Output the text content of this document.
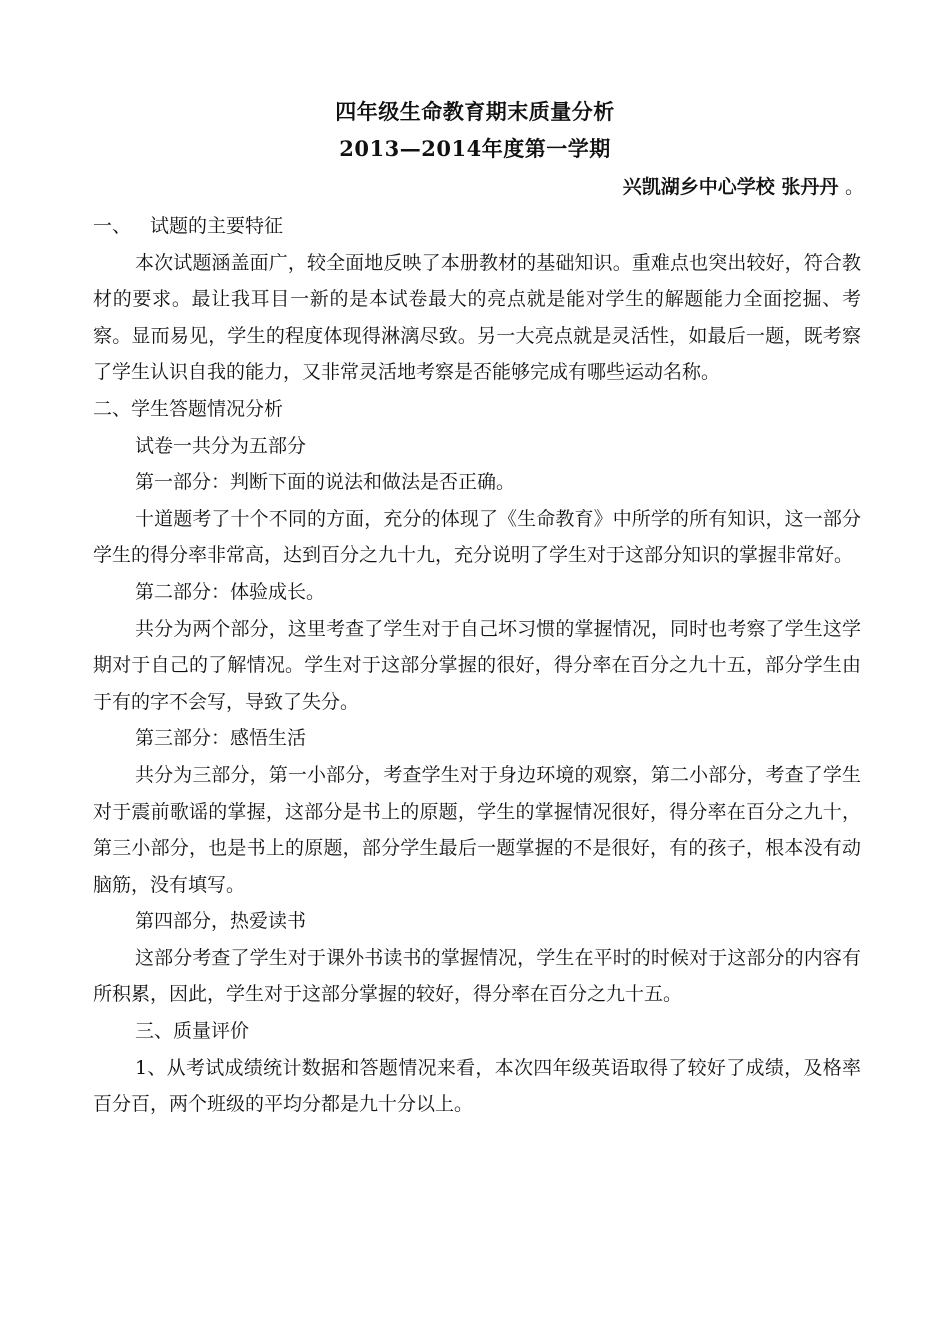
四年级生命教育期末质量分析
2013—2014年度第一学期
兴凯湖乡中心学校 张丹丹 。
一、 试题的主要特征

本次试题涵盖面广，较全面地反映了本册教材的基础知识。重难点也突出较好，符合教材的要求。最让我耳目一新的是本试卷最大的亮点就是能对学生的解题能力全面挖掘、考察。显而易见，学生的程度体现得淋漓尽致。另一大亮点就是灵活性，如最后一题，既考察了学生认识自我的能力，又非常灵活地考察是否能够完成有哪些运动名称。

二、学生答题情况分析

试卷一共分为五部分

第一部分：判断下面的说法和做法是否正确。

十道题考了十个不同的方面，充分的体现了《生命教育》中所学的所有知识，这一部分学生的得分率非常高，达到百分之九十九，充分说明了学生对于这部分知识的掌握非常好。

第二部分：体验成长。

共分为两个部分，这里考查了学生对于自己坏习惯的掌握情况，同时也考察了学生这学期对于自己的了解情况。学生对于这部分掌握的很好，得分率在百分之九十五，部分学生由于有的字不会写，导致了失分。

第三部分：感悟生活

共分为三部分，第一小部分，考查学生对于身边环境的观察，第二小部分，考查了学生对于震前歌谣的掌握，这部分是书上的原题，学生的掌握情况很好，得分率在百分之九十，第三小部分，也是书上的原题，部分学生最后一题掌握的不是很好，有的孩子，根本没有动脑筋，没有填写。

第四部分，热爱读书

这部分考查了学生对于课外书读书的掌握情况，学生在平时的时候对于这部分的内容有所积累，因此，学生对于这部分掌握的较好，得分率在百分之九十五。

三、质量评价

1、从考试成绩统计数据和答题情况来看，本次四年级英语取得了较好了成绩，及格率百分百，两个班级的平均分都是九十分以上。
